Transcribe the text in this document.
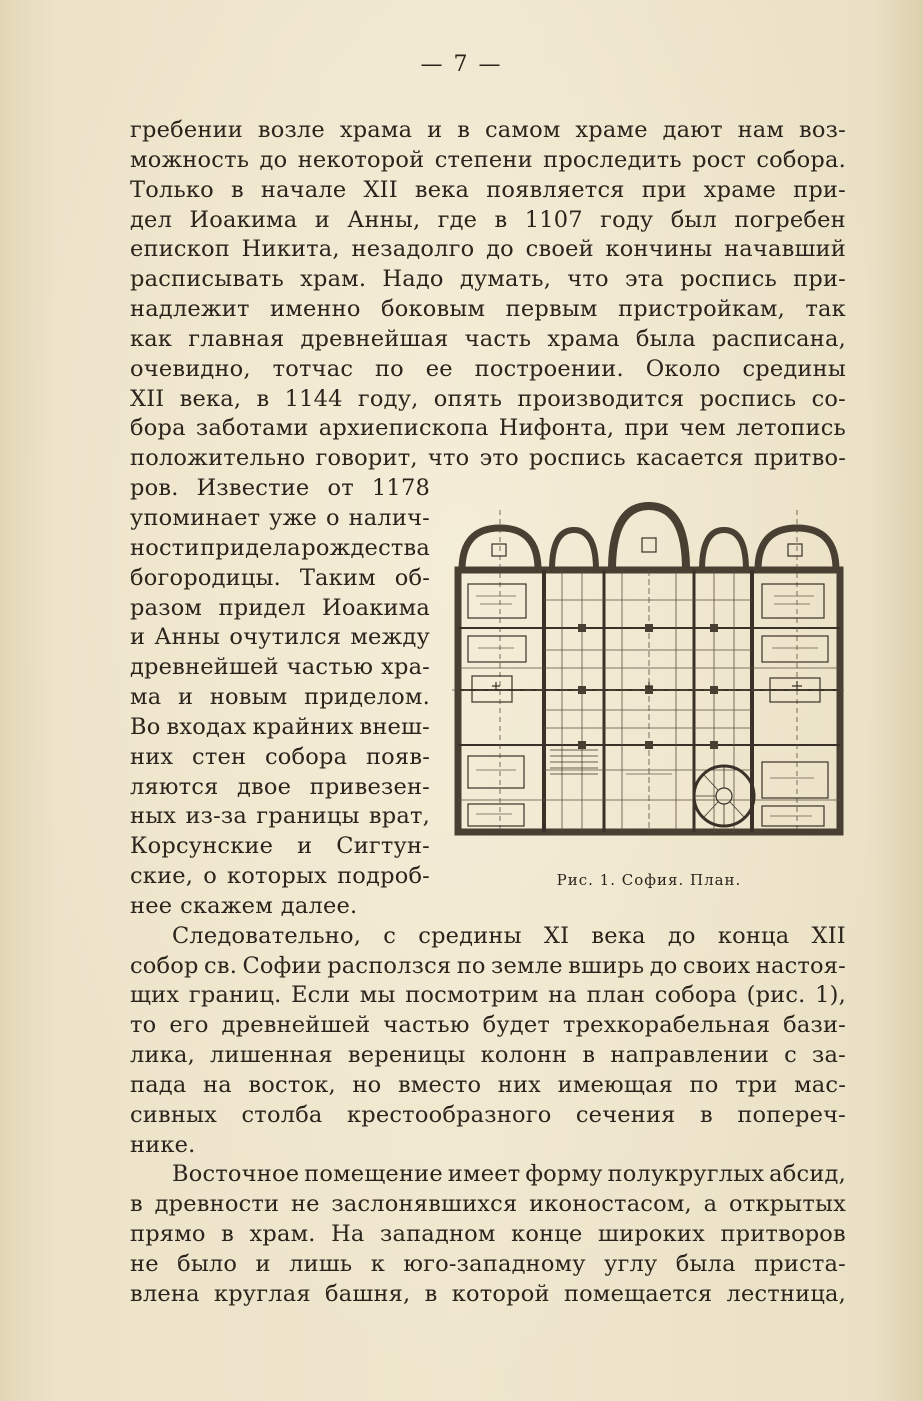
— 7 —
гребении возле храма и в самом храме дают нам воз-
можность до некоторой степени проследить рост собора.
Только в начале XII века появляется при храме при-
дел Иоакима и Анны, где в 1107 году был погребен
епископ Никита, незадолго до своей кончины начавший
расписывать храм. Надо думать, что эта роспись при-
надлежит именно боковым первым пристройкам, так
как главная древнейшая часть храма была расписана,
очевидно, тотчас по ее построении. Около средины
XII века, в 1144 году, опять производится роспись со-
бора заботами архиепископа Нифонта, при чем летопись
положительно говорит, что это роспись касается притво-
ров. Известие от 1178
упоминает уже о налич-
ности придела рождества
богородицы. Таким об-
разом придел Иоакима
и Анны очутился между
древнейшей частью хра-
ма и новым приделом.
Во входах крайних внеш-
них стен собора появ-
ляются двое привезен-
ных из-за границы врат,
Корсунские и Сигтун-
ские, о которых подроб-
нее скажем далее.
Следовательно, с средины XI века до конца XII
собор св. Софии расползся по земле вширь до своих настоя-
щих границ. Если мы посмотрим на план собора (рис. 1),
то его древнейшей частью будет трехкорабельная бази-
лика, лишенная вереницы колонн в направлении с за-
пада на восток, но вместо них имеющая по три мас-
сивных столба крестообразного сечения в попереч-
нике.
Восточное помещение имеет форму полукруглых абсид,
в древности не заслонявшихся иконостасом, а открытых
прямо в храм. На западном конце широких притворов
не было и лишь к юго-западному углу была приста-
влена круглая башня, в которой помещается лестница,
Рис. 1. София. План.
